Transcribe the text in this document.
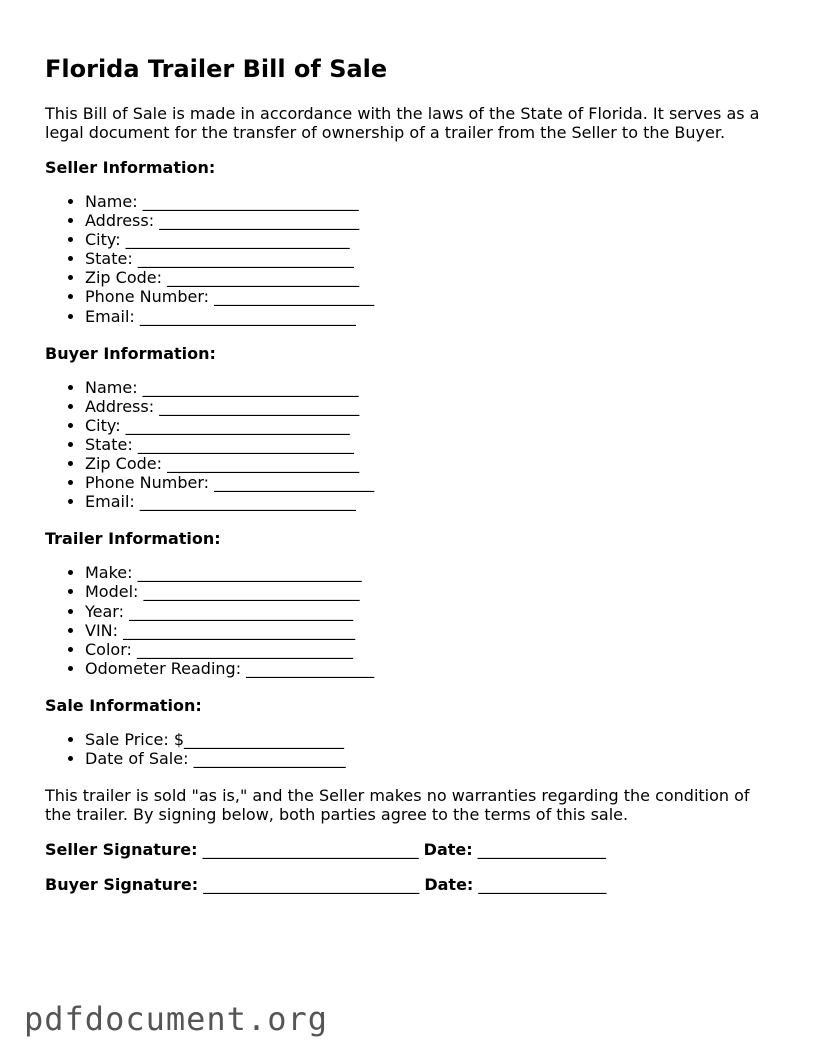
Florida Trailer Bill of Sale

This Bill of Sale is made in accordance with the laws of the State of Florida. It serves as a legal document for the transfer of ownership of a trailer from the Seller to the Buyer.

Seller Information:
• Name: ___________________________
• Address: _________________________
• City: ____________________________
• State: ___________________________
• Zip Code: ________________________
• Phone Number: ____________________
• Email: ___________________________
Buyer Information:
• Name: ___________________________
• Address: _________________________
• City: ____________________________
• State: ___________________________
• Zip Code: ________________________
• Phone Number: ____________________
• Email: ___________________________
Trailer Information:
• Make: ____________________________
• Model: ___________________________
• Year: ____________________________
• VIN: _____________________________
• Color: ___________________________
• Odometer Reading: ________________
Sale Information:
• Sale Price: $____________________
• Date of Sale: ___________________

This trailer is sold "as is," and the Seller makes no warranties regarding the condition of the trailer. By signing below, both parties agree to the terms of this sale.

Seller Signature: ___________________________ Date: ________________
Buyer Signature: ___________________________ Date: ________________
pdfdocument.org
